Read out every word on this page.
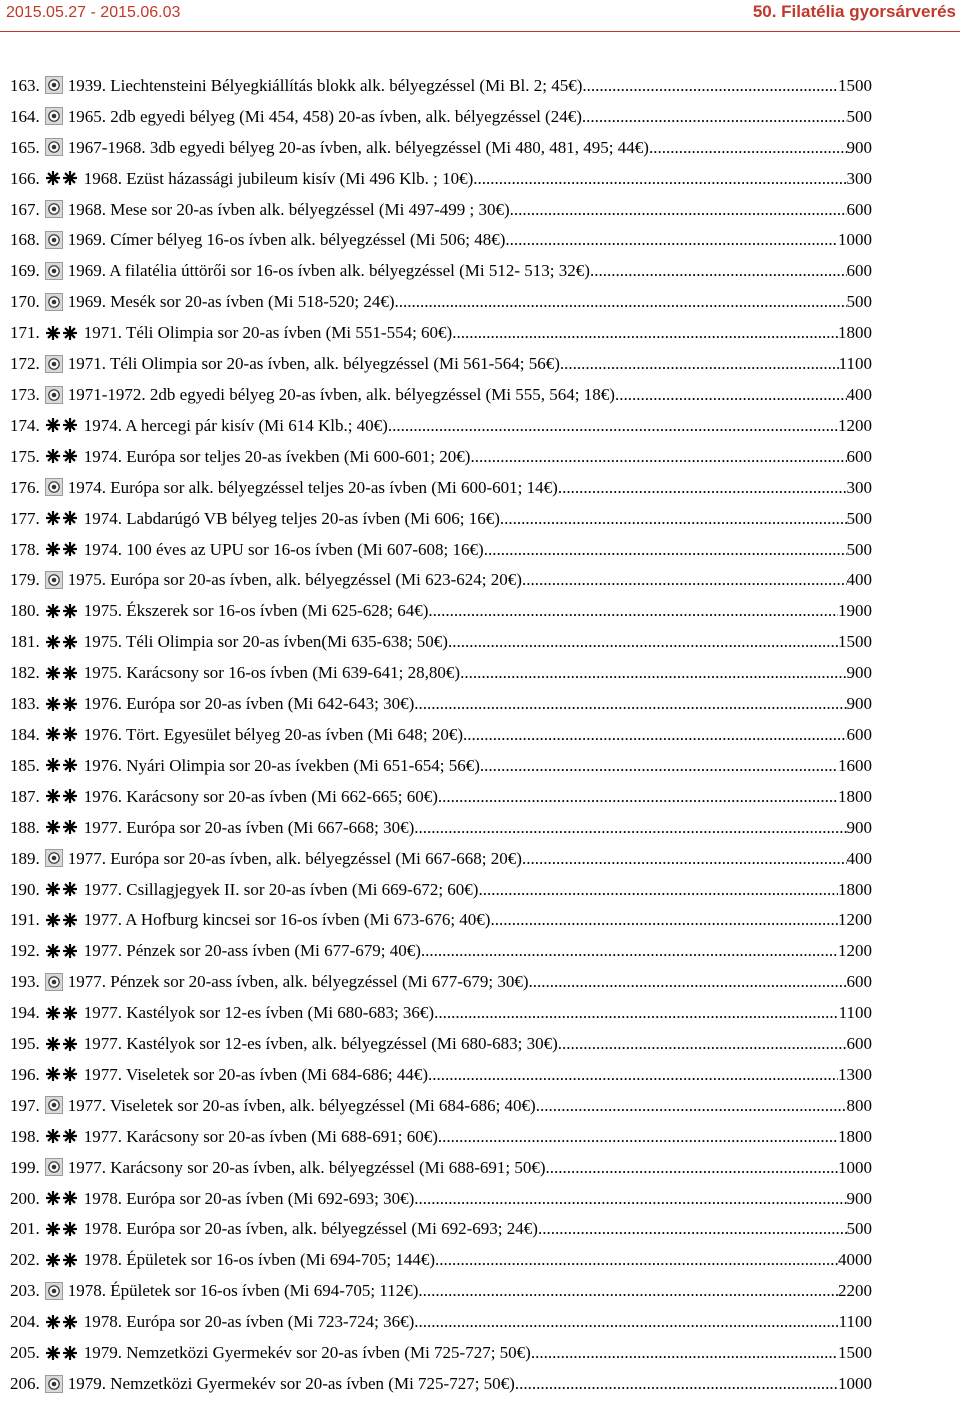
2015.05.27 - 2015.06.03	50. Filatélia gyorsárverés
163. 1939. Liechtensteini Bélyegkiállítás blokk alk. bélyegzéssel (Mi Bl. 2; 45€) .....	1500
164. 1965. 2db egyedi bélyeg (Mi 454, 458) 20-as ívben, alk. bélyegzéssel (24€) .....	500
165. 1967-1968. 3db egyedi bélyeg 20-as ívben, alk. bélyegzéssel (Mi 480, 481, 495; 44€) .....	900
166.	1968. Ezüst házassági jubileum kisív (Mi 496 Klb. ; 10€) .....	300
167. 1968. Mese sor 20-as ívben alk. bélyegzéssel (Mi 497-499 ; 30€) .....	600
168. 1969. Címer bélyeg 16-os ívben alk. bélyegzéssel (Mi 506; 48€) .....	1000
169. 1969. A filatélia úttörői sor 16-os ívben alk. bélyegzéssel (Mi 512- 513; 32€) .....	600
170. 1969. Mesék sor 20-as ívben (Mi 518-520; 24€) .....	500
171.	1971. Téli Olimpia sor 20-as ívben (Mi 551-554; 60€) .....	1800
172. 1971. Téli Olimpia sor 20-as ívben, alk. bélyegzéssel (Mi 561-564; 56€) .....	1100
173. 1971-1972. 2db egyedi bélyeg 20-as ívben, alk. bélyegzéssel (Mi 555, 564; 18€) .....	400
174.	1974. A hercegi pár kisív (Mi 614 Klb.; 40€) .....	1200
175.	1974. Európa sor teljes 20-as ívekben (Mi 600-601; 20€) .....	600
176. 1974. Európa sor alk. bélyegzéssel teljes 20-as ívben (Mi 600-601; 14€) .....	300
177.	1974. Labdarúgó VB bélyeg teljes 20-as ívben (Mi 606; 16€) .....	500
178.	1974. 100 éves az UPU sor 16-os ívben (Mi 607-608; 16€) .....	500
179. 1975. Európa sor 20-as ívben, alk. bélyegzéssel (Mi 623-624; 20€) .....	400
180.	1975. Ékszerek sor 16-os ívben (Mi 625-628; 64€) .....	1900
181.	1975. Téli Olimpia sor 20-as ívben(Mi 635-638; 50€) .....	1500
182.	1975. Karácsony sor 16-os ívben (Mi 639-641; 28,80€) .....	900
183.	1976. Európa sor 20-as ívben (Mi 642-643; 30€) .....	900
184.	1976. Tört. Egyesület bélyeg 20-as ívben (Mi 648; 20€) .....	600
185.	1976. Nyári Olimpia sor 20-as ívekben (Mi 651-654; 56€) .....	1600
187.	1976. Karácsony sor 20-as ívben (Mi 662-665; 60€) .....	1800
188.	1977. Európa sor 20-as ívben (Mi 667-668; 30€) .....	900
189. 1977. Európa sor 20-as ívben, alk. bélyegzéssel (Mi 667-668; 20€) .....	400
190.	1977. Csillagjegyek II. sor 20-as ívben (Mi 669-672; 60€) .....	1800
191.	1977. A Hofburg kincsei sor 16-os ívben (Mi 673-676; 40€) .....	1200
192.	1977. Pénzek sor 20-ass ívben (Mi 677-679; 40€) .....	1200
193. 1977. Pénzek sor 20-ass ívben, alk. bélyegzéssel (Mi 677-679; 30€) .....	600
194.	1977. Kastélyok sor 12-es ívben (Mi 680-683; 36€) .....	1100
195.	1977. Kastélyok sor 12-es ívben, alk. bélyegzéssel (Mi 680-683; 30€) .....	600
196.	1977. Viseletek sor 20-as ívben (Mi 684-686; 44€) .....	1300
197. 1977. Viseletek sor 20-as ívben, alk. bélyegzéssel (Mi 684-686; 40€) .....	800
198.	1977. Karácsony sor 20-as ívben (Mi 688-691; 60€) .....	1800
199. 1977. Karácsony sor 20-as ívben, alk. bélyegzéssel (Mi 688-691; 50€) .....	1000
200.	1978. Európa sor 20-as ívben (Mi 692-693; 30€) .....	900
201.	1978. Európa sor 20-as ívben, alk. bélyegzéssel (Mi 692-693; 24€) .....	500
202.	1978. Épületek sor 16-os ívben (Mi 694-705; 144€) .....	4000
203. 1978. Épületek sor 16-os ívben (Mi 694-705; 112€) .....	2200
204.	1978. Európa sor 20-as ívben (Mi 723-724; 36€) .....	1100
205.	1979. Nemzetközi Gyermekév sor 20-as ívben (Mi 725-727; 50€) .....	1500
206. 1979. Nemzetközi Gyermekév sor 20-as ívben (Mi 725-727; 50€) .....	1000
